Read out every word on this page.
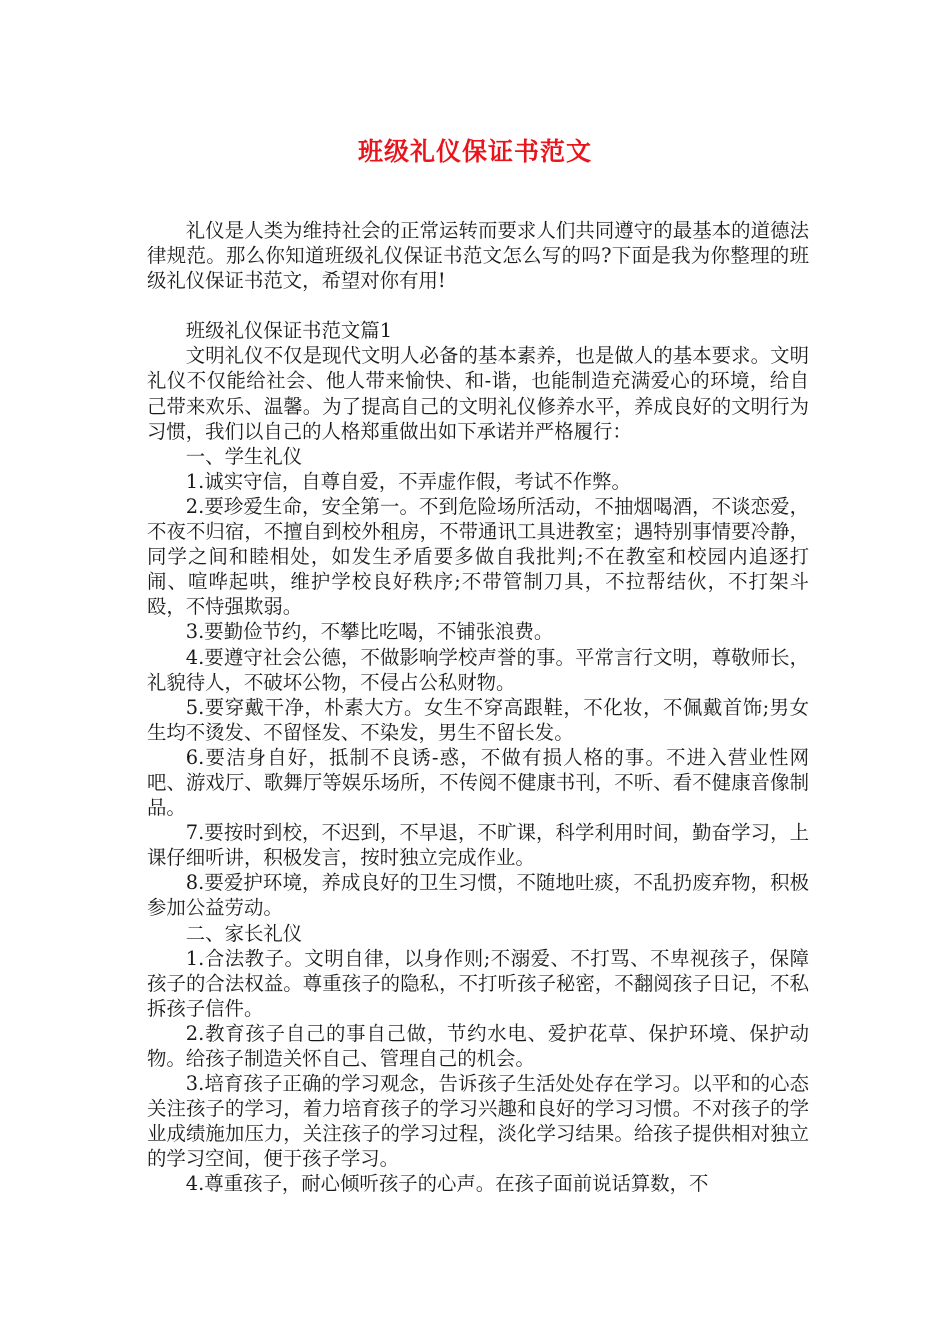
班级礼仪保证书范文

礼仪是人类为维持社会的正常运转而要求人们共同遵守的最基本的道德法律规范。那么你知道班级礼仪保证书范文怎么写的吗?下面是我为你整理的班级礼仪保证书范文，希望对你有用!

班级礼仪保证书范文篇1

文明礼仪不仅是现代文明人必备的基本素养，也是做人的基本要求。文明礼仪不仅能给社会、他人带来愉快、和-谐，也能制造充满爱心的环境，给自己带来欢乐、温馨。为了提高自己的文明礼仪修养水平，养成良好的文明行为习惯，我们以自己的人格郑重做出如下承诺并严格履行：

一、学生礼仪

1.诚实守信，自尊自爱，不弄虚作假，考试不作弊。

2.要珍爱生命，安全第一。不到危险场所活动，不抽烟喝酒，不谈恋爱，不夜不归宿，不擅自到校外租房，不带通讯工具进教室；遇特别事情要冷静，同学之间和睦相处，如发生矛盾要多做自我批判;不在教室和校园内追逐打闹、喧哗起哄，维护学校良好秩序;不带管制刀具，不拉帮结伙，不打架斗殴，不恃强欺弱。

3.要勤俭节约，不攀比吃喝，不铺张浪费。

4.要遵守社会公德，不做影响学校声誉的事。平常言行文明，尊敬师长，礼貌待人，不破坏公物，不侵占公私财物。

5.要穿戴干净，朴素大方。女生不穿高跟鞋，不化妆，不佩戴首饰;男女生均不烫发、不留怪发、不染发，男生不留长发。

6.要洁身自好，抵制不良诱-惑，不做有损人格的事。不进入营业性网吧、游戏厅、歌舞厅等娱乐场所，不传阅不健康书刊，不听、看不健康音像制品。

7.要按时到校，不迟到，不早退，不旷课，科学利用时间，勤奋学习，上课仔细听讲，积极发言，按时独立完成作业。

8.要爱护环境，养成良好的卫生习惯，不随地吐痰，不乱扔废弃物，积极参加公益劳动。

二、家长礼仪

1.合法教子。文明自律，以身作则;不溺爱、不打骂、不卑视孩子，保障孩子的合法权益。尊重孩子的隐私，不打听孩子秘密，不翻阅孩子日记，不私拆孩子信件。

2.教育孩子自己的事自己做，节约水电、爱护花草、保护环境、保护动物。给孩子制造关怀自己、管理自己的机会。

3.培育孩子正确的学习观念，告诉孩子生活处处存在学习。以平和的心态关注孩子的学习，着力培育孩子的学习兴趣和良好的学习习惯。不对孩子的学业成绩施加压力，关注孩子的学习过程，淡化学习结果。给孩子提供相对独立的学习空间，便于孩子学习。

4.尊重孩子，耐心倾听孩子的心声。在孩子面前说话算数，不
